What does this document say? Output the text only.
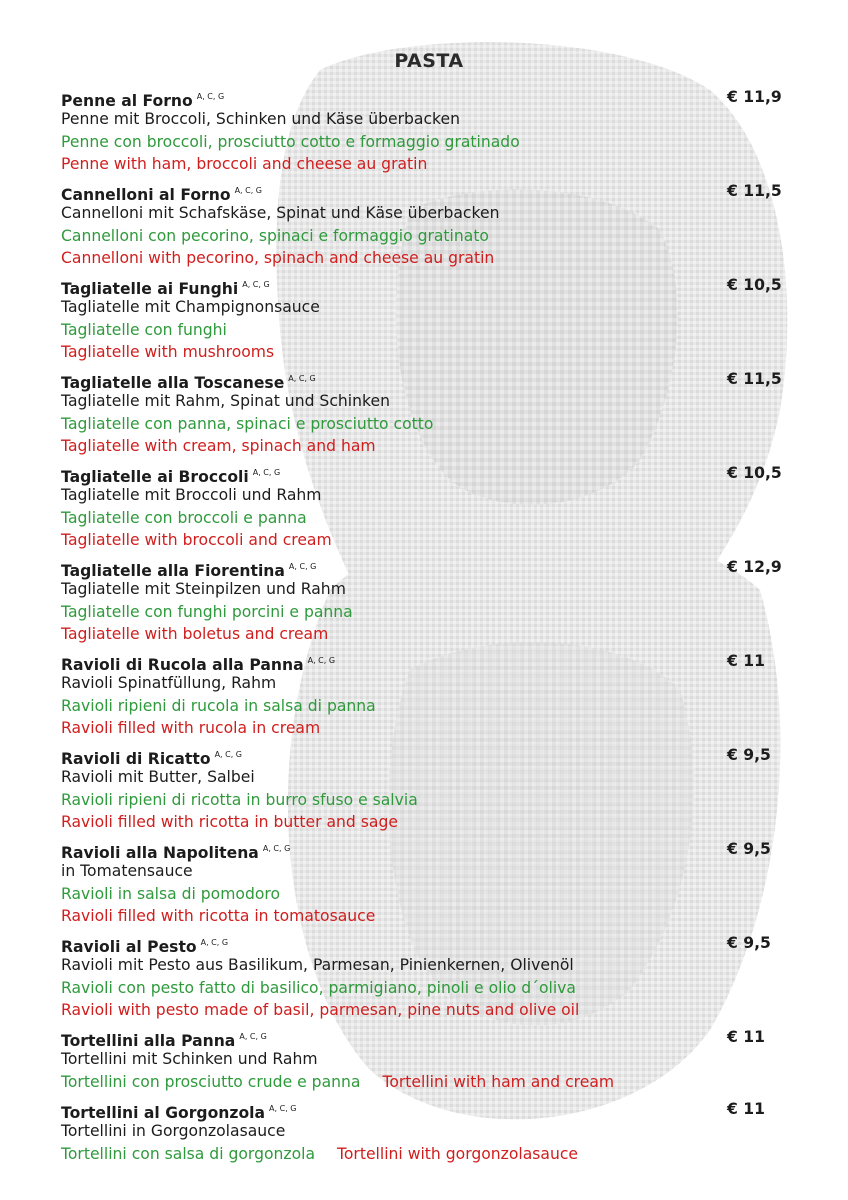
PASTA
Penne al Forno $^{A, C, G}$	€ 11,9
Penne mit Broccoli, Schinken und Käse überbacken
Penne con broccoli, prosciutto cotto e formaggio gratinado
Penne with ham, broccoli and cheese au gratin
Cannelloni al Forno $^{A, C, G}$	€ 11,5
Cannelloni mit Schafskäse, Spinat und Käse überbacken
Cannelloni con pecorino, spinaci e formaggio gratinato
Cannelloni with pecorino, spinach and cheese au gratin
Tagliatelle ai Funghi $^{A, C, G}$	€ 10,5
Tagliatelle mit Champignonsauce
Tagliatelle con funghi
Tagliatelle with mushrooms
Tagliatelle alla Toscanese $^{A, C, G}$	€ 11,5
Tagliatelle mit Rahm, Spinat und Schinken
Tagliatelle con panna, spinaci e prosciutto cotto
Tagliatelle with cream, spinach and ham
Tagliatelle ai Broccoli $^{A, C, G}$	€ 10,5
Tagliatelle mit Broccoli und Rahm
Tagliatelle con broccoli e panna
Tagliatelle with broccoli and cream
Tagliatelle alla Fiorentina $^{A, C, G}$	€ 12,9
Tagliatelle mit Steinpilzen und Rahm
Tagliatelle con funghi porcini e panna
Tagliatelle with boletus and cream
Ravioli di Rucola alla Panna $^{A, C, G}$	€ 11
Ravioli Spinatfüllung, Rahm
Ravioli ripieni di rucola in salsa di panna
Ravioli filled with rucola in cream
Ravioli di Ricatto $^{A, C, G}$	€ 9,5
Ravioli mit Butter, Salbei
Ravioli ripieni di ricotta in burro sfuso e salvia
Ravioli filled with ricotta in butter and sage
Ravioli alla Napolitena $^{A, C, G}$	€ 9,5
in Tomatensauce
Ravioli in salsa di pomodoro
Ravioli filled with ricotta in tomatosauce
Ravioli al Pesto $^{A, C, G}$	€ 9,5
Ravioli mit Pesto aus Basilikum, Parmesan, Pinienkernen, Olivenöl
Ravioli con pesto fatto di basilico, parmigiano, pinoli e olio d´oliva
Ravioli with pesto made of basil, parmesan, pine nuts and olive oil
Tortellini alla Panna $^{A, C, G}$	€ 11
Tortellini mit Schinken und Rahm
Tortellini con prosciutto crude e panna Tortellini with ham and cream
Tortellini al Gorgonzola $^{A, C, G}$	€ 11
Tortellini in Gorgonzolasauce
Tortellini con salsa di gorgonzola Tortellini with gorgonzolasauce
